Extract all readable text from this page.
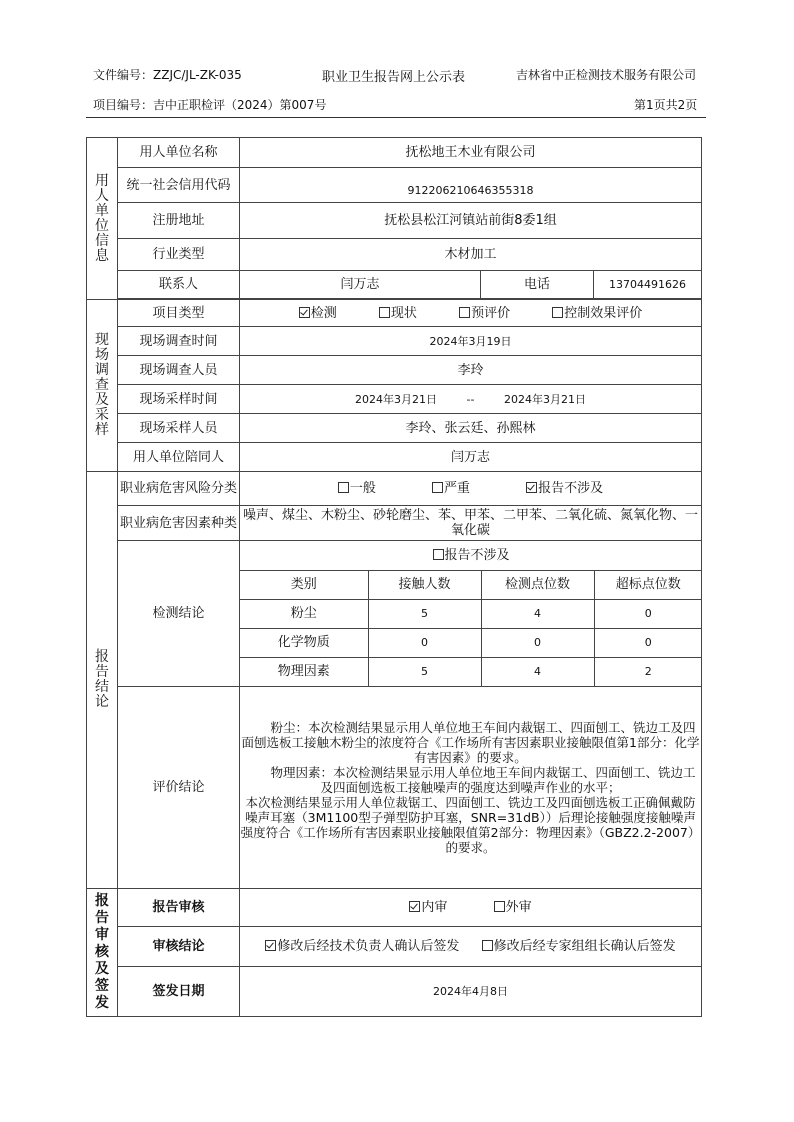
文件编号：ZZJC/JL-ZK-035	职业卫生报告网上公示表	吉林省中正检测技术服务有限公司
项目编号：吉中正职检评（2024）第007号	第1页共2页
用
人
单
位
信
息
	用人单位名称	抚松地王木业有限公司
统一社会信用代码	912206210646355318
注册地址	抚松县松江河镇站前街8委1组
行业类型	木材加工
联系人	闫万志	电话	13704491626

现
场
调
查
及
采
样
	项目类型	检测	现状	预评价	控制效果评价
现场调查时间	2024年3月19日
现场调查人员	李玲
现场采样时间	2024年3月21日	--	2024年3月21日
现场采样人员	李玲、张云廷、孙熙林
用人单位陪同人	闫万志

报
告
结
论
	职业病危害风险分类	一般	严重	报告不涉及
职业病危害因素种类	噪声、煤尘、木粉尘、砂轮磨尘、苯、甲苯、二甲苯、二氧化硫、氮氧化物、一氧化碳
检测结论	
报告不涉及
类别	接触人数	检测点位数	超标点位数
粉尘	5	4	0
化学物质	0	0	0
物理因素	5	4	2

评价结论	
粉尘：本次检测结果显示用人单位地王车间内裁锯工、四面刨工、铣边工及四面刨选板工接触木粉尘的浓度符合《工作场所有害因素职业接触限值第1部分：化学有害因素》的要求。
物理因素：本次检测结果显示用人单位地王车间内裁锯工、四面刨工、铣边工及四面刨选板工接触噪声的强度达到噪声作业的水平；
本次检测结果显示用人单位裁锯工、四面刨工、铣边工及四面刨选板工正确佩戴防噪声耳塞（3M1100型子弹型防护耳塞，SNR=31dB））后理论接触强度接触噪声强度符合《工作场所有害因素职业接触限值第2部分：物理因素》（GBZ2.2-2007）的要求。

报
告
审
核
及
签
发
	报告审核	内审	外审
审核结论	修改后经技术负责人确认后签发	修改后经专家组组长确认后签发
签发日期	2024年4月8日
